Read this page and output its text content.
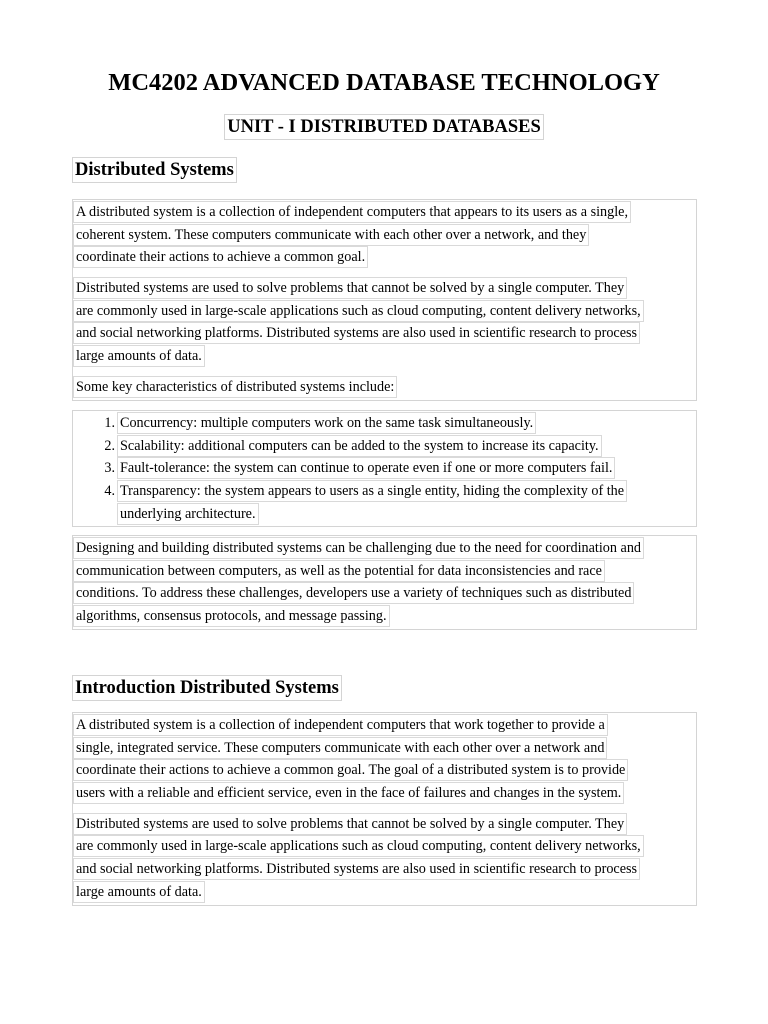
MC4202 ADVANCED DATABASE TECHNOLOGY
UNIT - I DISTRIBUTED DATABASES
Distributed Systems
A distributed system is a collection of independent computers that appears to its users as a single,
coherent system. These computers communicate with each other over a network, and they
coordinate their actions to achieve a common goal.
Distributed systems are used to solve problems that cannot be solved by a single computer. They
are commonly used in large-scale applications such as cloud computing, content delivery networks,
and social networking platforms. Distributed systems are also used in scientific research to process
large amounts of data.
Some key characteristics of distributed systems include:
1. Concurrency: multiple computers work on the same task simultaneously.
2. Scalability: additional computers can be added to the system to increase its capacity.
3. Fault-tolerance: the system can continue to operate even if one or more computers fail.
4. Transparency: the system appears to users as a single entity, hiding the complexity of the
underlying architecture.
Designing and building distributed systems can be challenging due to the need for coordination and
communication between computers, as well as the potential for data inconsistencies and race
conditions. To address these challenges, developers use a variety of techniques such as distributed
algorithms, consensus protocols, and message passing.
Introduction Distributed Systems
A distributed system is a collection of independent computers that work together to provide a
single, integrated service. These computers communicate with each other over a network and
coordinate their actions to achieve a common goal. The goal of a distributed system is to provide
users with a reliable and efficient service, even in the face of failures and changes in the system.
Distributed systems are used to solve problems that cannot be solved by a single computer. They
are commonly used in large-scale applications such as cloud computing, content delivery networks,
and social networking platforms. Distributed systems are also used in scientific research to process
large amounts of data.
